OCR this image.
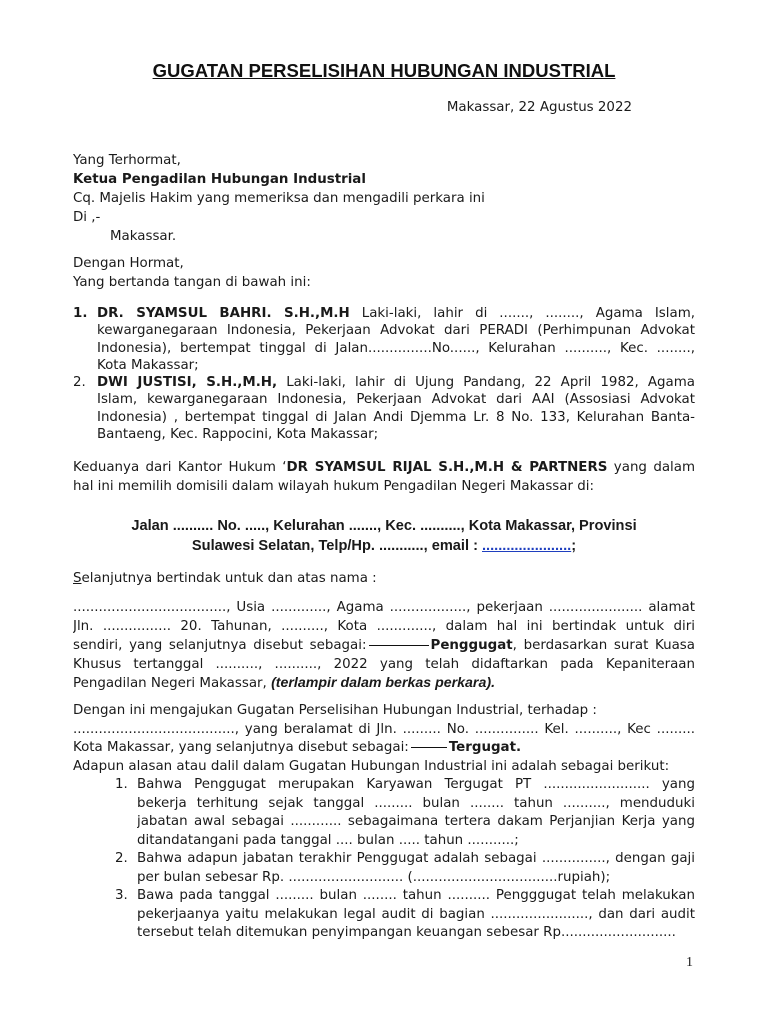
GUGATAN PERSELISIHAN HUBUNGAN INDUSTRIAL
Makassar, 22 Agustus 2022
Yang Terhormat,
Ketua Pengadilan Hubungan Industrial
Cq. Majelis Hakim yang memeriksa dan mengadili perkara ini
Di ,-
Makassar.
Dengan Hormat,
Yang bertanda tangan di bawah ini:
1. DR. SYAMSUL BAHRI. S.H.,M.H Laki-laki, lahir di ......., ........, Agama Islam,
kewarganegaraan Indonesia, Pekerjaan Advokat dari PERADI (Perhimpunan Advokat
Indonesia), bertempat tinggal di Jalan...............No......, Kelurahan .........., Kec. ........,
Kota Makassar;
2. DWI JUSTISI, S.H.,M.H, Laki-laki, lahir di Ujung Pandang, 22 April 1982, Agama
Islam, kewarganegaraan Indonesia, Pekerjaan Advokat dari AAI (Assosiasi Advokat
Indonesia) , bertempat tinggal di Jalan Andi Djemma Lr. 8 No. 133, Kelurahan Banta-
Bantaeng, Kec. Rappocini, Kota Makassar;
Keduanya dari Kantor Hukum ‘DR SYAMSUL RIJAL S.H.,M.H & PARTNERS yang dalam
hal ini memilih domisili dalam wilayah hukum Pengadilan Negeri Makassar di:
Jalan .......... No. ....., Kelurahan ......., Kec. .........., Kota Makassar, Provinsi
Sulawesi Selatan, Telp/Hp. ..........., email : ......................;
Selanjutnya bertindak untuk dan atas nama :
...................................., Usia ............., Agama .................., pekerjaan ...................... alamat
Jln. ................ 20. Tahunan, .........., Kota ............., dalam hal ini bertindak untuk diri
sendiri, yang selanjutnya disebut sebagai:	Penggugat, berdasarkan surat Kuasa
Khusus tertanggal .........., .........., 2022 yang telah didaftarkan pada Kepaniteraan
Pengadilan Negeri Makassar, (terlampir dalam berkas perkara).
Dengan ini mengajukan Gugatan Perselisihan Hubungan Industrial, terhadap :
......................................, yang beralamat di Jln. ......... No. ............... Kel. .........., Kec .........
Kota Makassar, yang selanjutnya disebut sebagai:	Tergugat.
Adapun alasan atau dalil dalam Gugatan Hubungan Industrial ini adalah sebagai berikut:
1. Bahwa Penggugat merupakan Karyawan Tergugat PT ......................... yang
bekerja terhitung sejak tanggal ......... bulan ........ tahun .........., menduduki
jabatan awal sebagai ............ sebagaimana tertera dakam Perjanjian Kerja yang
ditandatangani pada tanggal .... bulan ..... tahun ...........;
2. Bahwa adapun jabatan terakhir Penggugat adalah sebagai ..............., dengan gaji
per bulan sebesar Rp. ........................... (..................................rupiah);
3. Bawa pada tanggal ......... bulan ........ tahun .......... Pengggugat telah melakukan
pekerjaanya yaitu melakukan legal audit di bagian ......................., dan dari audit
tersebut telah ditemukan penyimpangan keuangan sebesar Rp...........................
1
